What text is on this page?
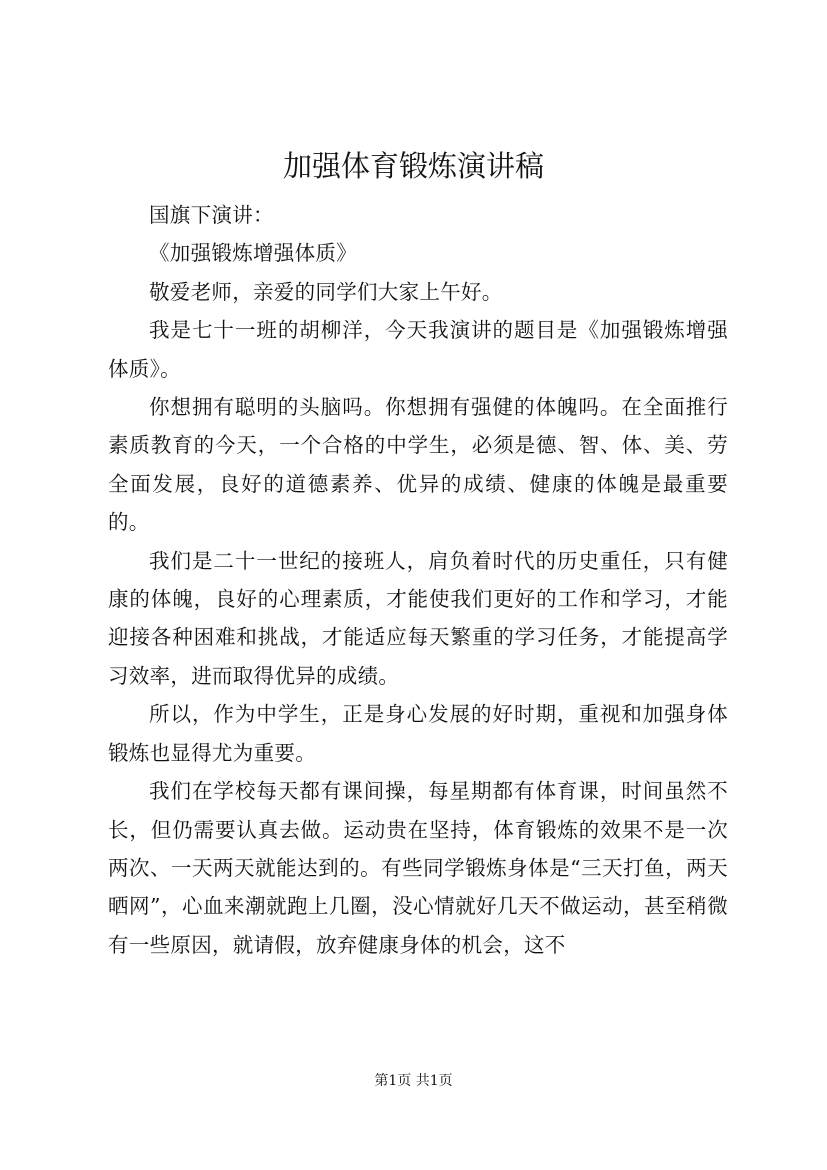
加强体育锻炼演讲稿

国旗下演讲：

《加强锻炼增强体质》

敬爱老师，亲爱的同学们大家上午好。

我是七十一班的胡柳洋，今天我演讲的题目是《加强锻炼增强体质》。

你想拥有聪明的头脑吗。你想拥有强健的体魄吗。在全面推行素质教育的今天，一个合格的中学生，必须是德、智、体、美、劳全面发展，良好的道德素养、优异的成绩、健康的体魄是最重要的。

我们是二十一世纪的接班人，肩负着时代的历史重任，只有健康的体魄，良好的心理素质，才能使我们更好的工作和学习，才能迎接各种困难和挑战，才能适应每天繁重的学习任务，才能提高学习效率，进而取得优异的成绩。

所以，作为中学生，正是身心发展的好时期，重视和加强身体锻炼也显得尤为重要。

我们在学校每天都有课间操，每星期都有体育课，时间虽然不长，但仍需要认真去做。运动贵在坚持，体育锻炼的效果不是一次两次、一天两天就能达到的。有些同学锻炼身体是“三天打鱼，两天晒网”，心血来潮就跑上几圈，没心情就好几天不做运动，甚至稍微有一些原因，就请假，放弃健康身体的机会，这不

第1页 共1页
